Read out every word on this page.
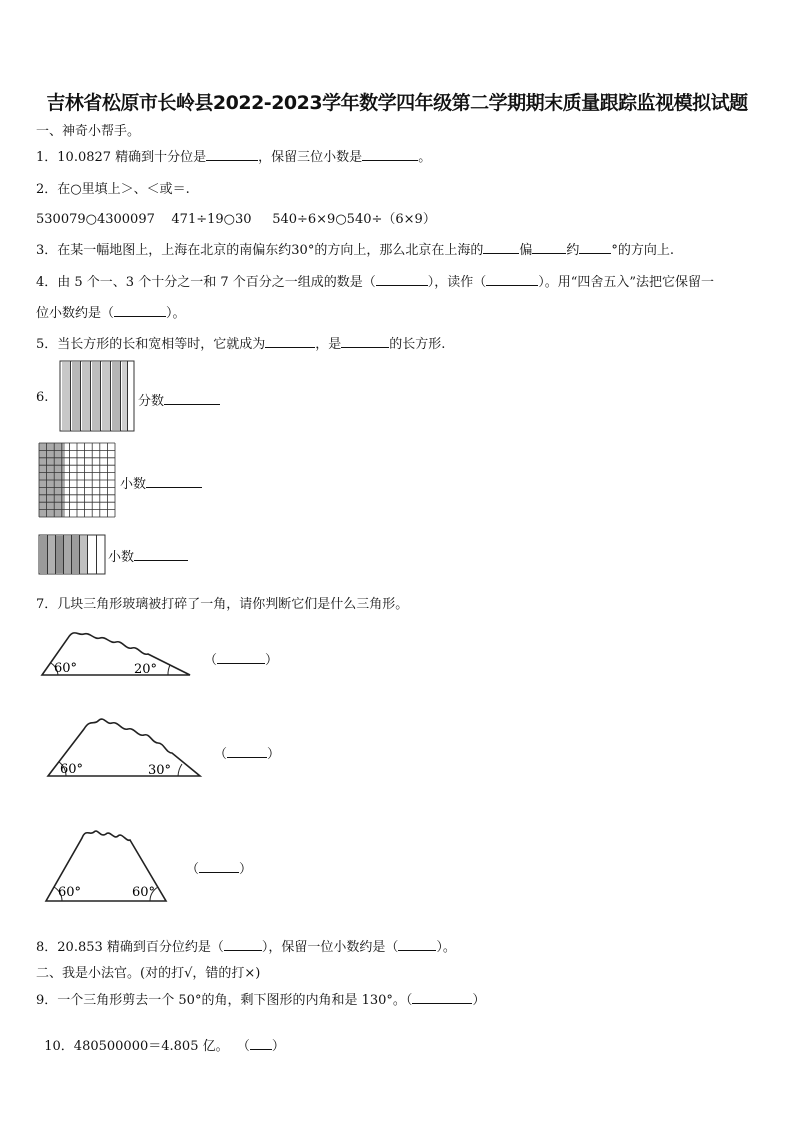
吉林省松原市长岭县2022-2023学年数学四年级第二学期期末质量跟踪监视模拟试题
一、神奇小帮手。
1．10.0827 精确到十分位是	，保留三位小数是	。
2．在○里填上＞、＜或＝.
530079○4300097    471÷19○30     540÷6×9○540÷（6×9）
3．在某一幅地图上，上海在北京的南偏东约30°的方向上，那么北京在上海的	偏	约 °的方向上.
4．由 5 个一、3 个十分之一和 7 个百分之一组成的数是（	），读作（	）。用“四舍五入”法把它保留一
位小数约是（	）。
5．当长方形的长和宽相等时，它就成为	，是	的长方形.
6.	分数
小数
小数
7．几块三角形玻璃被打碎了一角，请你判断它们是什么三角形。
60°	20°
（	）
60°	30°
（	）
60°	60°
（	）
8．20.853 精确到百分位约是（	），保留一位小数约是（	）。
二、我是小法官。(对的打√，错的打×)
9．一个三角形剪去一个 50°的角，剩下图形的内角和是 130°。（	）

10．480500000＝4.805 亿。  （ ）
